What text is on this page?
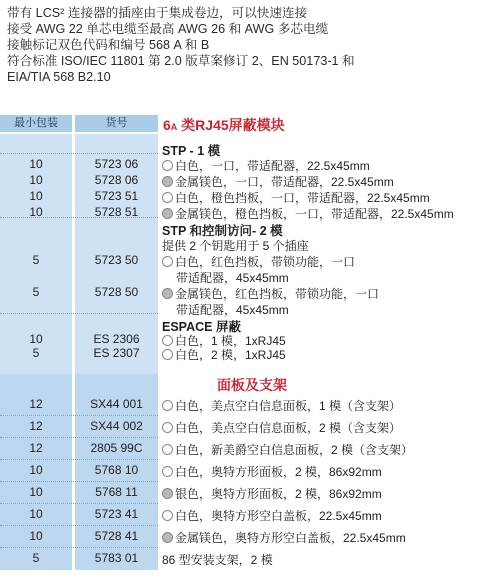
带有 LCS² 连接器的插座由于集成卷边，可以快速连接
接受 AWG 22 单芯电缆至最高 AWG 26 和 AWG 多芯电缆
接触标记双色代码和编号 568 A 和 B
符合标准 ISO/IEC 11801 第 2.0 版草案修订 2、EN 50173-1 和
EIA/TIA 568 B2.10
最小包装	货号	6A 类RJ45屏蔽模块
STP - 1 模
STP 和控制访问- 2 模
提供 2 个钥匙用于 5 个插座
ESPACE 屏蔽
面板及支架
10	5723 06	白色，一口，带适配器，22.5x45mm
10	5728 06	金属镁色，一口，带适配器，22.5x45mm
10	5723 51	白色，橙色挡板，一口，带适配器，22.5x45mm
10	5728 51	金属镁色，橙色挡板，一口，带适配器，22.5x45mm
5	5723 50	白色，红色挡板，带锁功能，一口
带适配器，45x45mm
5	5728 50	金属镁色，红色挡板，带锁功能，一口
带适配器，45x45mm
10	ES 2306	白色，1 模，1xRJ45
5	ES 2307	白色，2 模，1xRJ45
12	SX44 001	白色，美点空白信息面板，1 模（含支架）
12	SX44 002	白色，美点空白信息面板，2 模（含支架）
12	2805 99C	白色，新美爵空白信息面板，2 模（含支架）
10	5768 10	白色，奥特方形面板，2 模，86x92mm
10	5768 11	银色，奥特方形面板，2 模，86x92mm
10	5723 41	白色，奥特方形空白盖板，22.5x45mm
10	5728 41	金属镁色，奥特方形空白盖板，22.5x45mm
5	5783 01	86 型安装支架，2 模
